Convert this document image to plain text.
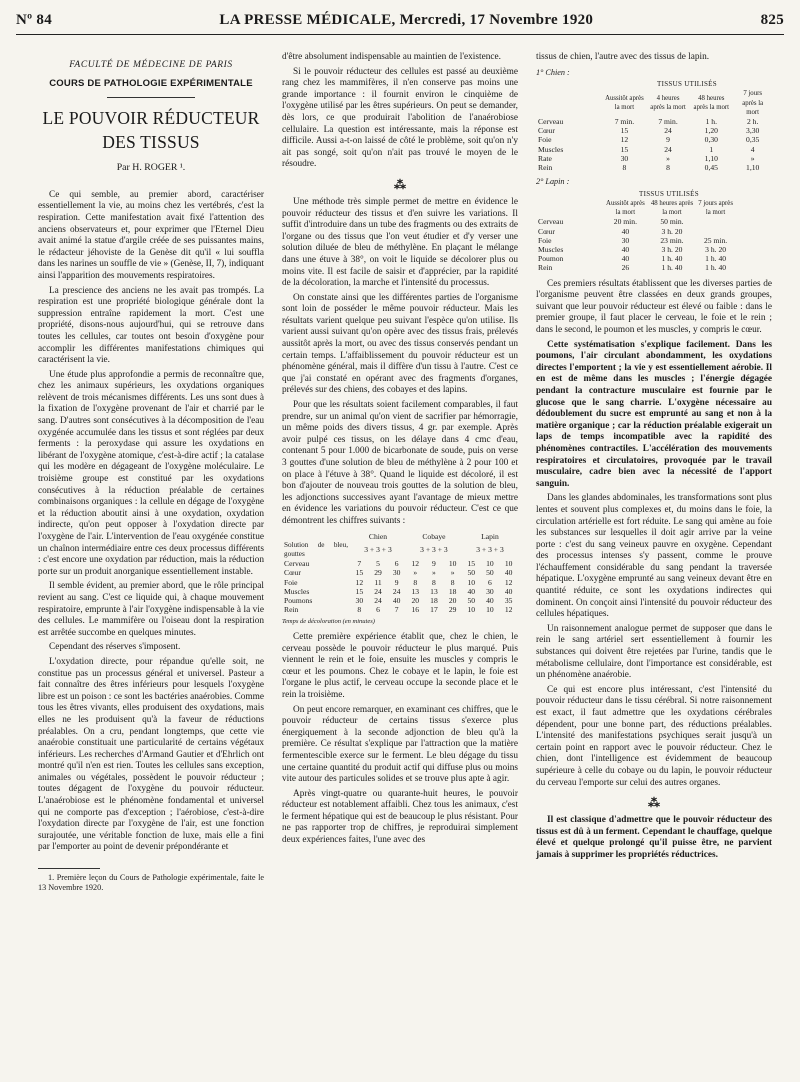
Nº 84	LA PRESSE MÉDICALE, Mercredi, 17 Novembre 1920	825
FACULTÉ DE MÉDECINE DE PARIS
COURS DE PATHOLOGIE EXPÉRIMENTALE
LE POUVOIR RÉDUCTEUR
DES TISSUS
Par H. ROGER ¹.

Ce qui semble, au premier abord, caractériser essentiellement la vie, au moins chez les vertébrés, c'est la respiration. Cette manifestation avait fixé l'attention des anciens observateurs et, pour exprimer que l'Eternel Dieu avait animé la statue d'argile créée de ses puissantes mains, le rédacteur jéhoviste de la Genèse dit qu'il « lui souffla dans les narines un souffle de vie » (Genèse, II, 7), indiquant ainsi l'apparition des mouvements respiratoires.

La prescience des anciens ne les avait pas trompés. La respiration est une propriété biologique générale dont la suppression entraîne rapidement la mort. C'est une propriété, disons-nous aujourd'hui, qui se retrouve dans toutes les cellules, car toutes ont besoin d'oxygène pour accomplir les différentes manifestations chimiques qui caractérisent la vie.

Une étude plus approfondie a permis de reconnaître que, chez les animaux supérieurs, les oxydations organiques relèvent de trois mécanismes différents. Les uns sont dues à la fixation de l'oxygène provenant de l'air et charrié par le sang. D'autres sont consécutives à la décomposition de l'eau oxygénée accumulée dans les tissus et sont réglées par deux ferments : la peroxydase qui assure les oxydations en libérant de l'oxygène atomique, c'est-à-dire actif ; la catalase qui les modère en dégageant de l'oxygène moléculaire. Le troisième groupe est constitué par les oxydations consécutives à la réduction préalable de certaines combinaisons organiques : la cellule en dégage de l'oxygène et la réduction aboutit ainsi à une oxydation, oxydation indirecte, qu'on peut opposer à l'oxydation directe par l'oxygène de l'air. L'intervention de l'eau oxygénée constitue un chaînon intermédiaire entre ces deux processus différents : c'est encore une oxydation par réduction, mais la réduction porte sur un produit anorganique essentiellement instable.

Il semble évident, au premier abord, que le rôle principal revient au sang. C'est ce liquide qui, à chaque mouvement respiratoire, emprunte à l'air l'oxygène indispensable à la vie des cellules. Le mammifère ou l'oiseau dont la respiration est arrêtée succombe en quelques minutes.

Cependant des réserves s'imposent.

L'oxydation directe, pour répandue qu'elle soit, ne constitue pas un processus général et universel. Pasteur a fait connaître des êtres inférieurs pour lesquels l'oxygène libre est un poison : ce sont les bactéries anaérobies. Comme tous les êtres vivants, elles produisent des oxydations, mais elles ne les produisent qu'à la faveur de réductions préalables. On a cru, pendant longtemps, que cette vie anaérobie constituait une particularité de certains végétaux inférieurs. Les recherches d'Armand Gautier et d'Ehrlich ont montré qu'il n'en est rien. Toutes les cellules sans exception, animales ou végétales, possèdent le pouvoir réducteur ; toutes dégagent de l'oxygène du pouvoir réducteur. L'anaérobiose est le phénomène fondamental et universel qui ne comporte pas d'exception ; l'aérobiose, c'est-à-dire l'oxydation directe par l'oxygène de l'air, est une fonction surajoutée, une véritable fonction de luxe, mais elle a fini par l'emporter au point de devenir prépondérante et

1. Première leçon du Cours de Pathologie expérimentale, faite le 13 Novembre 1920.

d'être absolument indispensable au maintien de l'existence.

Si le pouvoir réducteur des cellules est passé au deuxième rang chez les mammifères, il n'en conserve pas moins une grande importance : il fournit environ le cinquième de l'oxygène utilisé par les êtres supérieurs. On peut se demander, dès lors, ce que produirait l'abolition de l'anaérobiose cellulaire. La question est intéressante, mais la réponse est difficile. Aussi a-t-on laissé de côté le problème, soit qu'on n'y ait pas songé, soit qu'on n'ait pas trouvé le moyen de le résoudre.

⁂

Une méthode très simple permet de mettre en évidence le pouvoir réducteur des tissus et d'en suivre les variations. Il suffit d'introduire dans un tube des fragments ou des extraits de l'organe ou des tissus que l'on veut étudier et d'y verser une solution diluée de bleu de méthylène. En plaçant le mélange dans une étuve à 38°, on voit le liquide se décolorer plus ou moins vite. Il est facile de saisir et d'apprécier, par la rapidité de la décoloration, la marche et l'intensité du processus.

On constate ainsi que les différentes parties de l'organisme sont loin de posséder le même pouvoir réducteur. Mais les résultats varient quelque peu suivant l'espèce qu'on utilise. Ils varient aussi suivant qu'on opère avec des tissus frais, prélevés aussitôt après la mort, ou avec des tissus conservés pendant un certain temps. L'affaiblissement du pouvoir réducteur est un phénomène général, mais il diffère d'un tissu à l'autre. C'est ce que j'ai constaté en opérant avec des fragments d'organes, prélevés sur des chiens, des cobayes et des lapins.

Pour que les résultats soient facilement comparables, il faut prendre, sur un animal qu'on vient de sacrifier par hémorragie, un même poids des divers tissus, 4 gr. par exemple. Après avoir pulpé ces tissus, on les délaye dans 4 cmc d'eau, contenant 5 pour 1.000 de bicarbonate de soude, puis on verse 3 gouttes d'une solution de bleu de méthylène à 2 pour 100 et on place à l'étuve à 38°. Quand le liquide est décoloré, il est bon d'ajouter de nouveau trois gouttes de la solution de bleu, les adjonctions successives ayant l'avantage de mieux mettre en évidence les variations du pouvoir réducteur. C'est ce que démontrent les chiffres suivants :

	Chien			Cobaye			Lapin		
Solution de bleu, gouttes	3 + 3 + 3			3 + 3 + 3			3 + 3 + 3		
Cerveau	7	5	6	12	9	10	15	10	10
Cœur	15	29	30	»	»	»	50	50	40
Foie	12	11	9	8	8	8	10	6	12
Muscles	15	24	24	13	13	18	40	30	40
Poumons	30	24	40	20	18	20	50	40	35
Rein	8	6	7	16	17	29	10	10	12
Temps de décoloration (en minutes)

Cette première expérience établit que, chez le chien, le cerveau possède le pouvoir réducteur le plus marqué. Puis viennent le rein et le foie, ensuite les muscles y compris le cœur et les poumons. Chez le cobaye et le lapin, le foie est l'organe le plus actif, le cerveau occupe la seconde place et le rein la troisième.

On peut encore remarquer, en examinant ces chiffres, que le pouvoir réducteur de certains tissus s'exerce plus énergiquement à la seconde adjonction de bleu qu'à la première. Ce résultat s'explique par l'attraction que la matière fermentescible exerce sur le ferment. Le bleu dégage du tissu une certaine quantité du produit actif qui diffuse plus ou moins vite autour des particules solides et se trouve plus apte à agir.

Après vingt-quatre ou quarante-huit heures, le pouvoir réducteur est notablement affaibli. Chez tous les animaux, c'est le ferment hépatique qui est de beaucoup le plus résistant. Pour ne pas rapporter trop de chiffres, je reproduirai simplement deux expériences faites, l'une avec des

tissus de chien, l'autre avec des tissus de lapin.

1° Chien :
	TISSUS UTILISÉS			
	Aussitôt après la mort	4 heures après la mort	48 heures après la mort	7 jours après la mort
Cerveau	7 min.	7 min.	1 h.	2 h.
Cœur	15	24	1,20	3,30
Foie	12	9	0,30	0,35
Muscles	15	24	1	4
Rate	30	»	1,10	»
Rein	8	8	0,45	1,10
2° Lapin :
	TISSUS UTILISÉS		
	Aussitôt après la mort	48 heures après la mort	7 jours après la mort
Cerveau	20 min.	50 min.	
Cœur	40	3 h. 20	
Foie	30	23 min.	25 min.
Muscles	40	3 h. 20	3 h. 20
Poumon	40	1 h. 40	1 h. 40
Rein	26	1 h. 40	1 h. 40

Ces premiers résultats établissent que les diverses parties de l'organisme peuvent être classées en deux grands groupes, suivant que leur pouvoir réducteur est élevé ou faible : dans le premier groupe, il faut placer le cerveau, le foie et le rein ; dans le second, le poumon et les muscles, y compris le cœur.

Cette systématisation s'explique facilement. Dans les poumons, l'air circulant abondamment, les oxydations directes l'emportent ; la vie y est essentiellement aérobie. Il en est de même dans les muscles ; l'énergie dégagée pendant la contracture musculaire est fournie par le glucose que le sang charrie. L'oxygène nécessaire au dédoublement du sucre est emprunté au sang et non à la matière organique ; car la réduction préalable exigerait un laps de temps incompatible avec la rapidité des phénomènes contractiles. L'accélération des mouvements respiratoires et circulatoires, provoquée par le travail musculaire, cadre bien avec la nécessité de l'apport sanguin.

Dans les glandes abdominales, les transformations sont plus lentes et souvent plus complexes et, du moins dans le foie, la circulation artérielle est fort réduite. Le sang qui amène au foie les substances sur lesquelles il doit agir arrive par la veine porte : c'est du sang veineux pauvre en oxygène. Cependant des processus intenses s'y passent, comme le prouve l'échauffement considérable du sang pendant la traversée hépatique. L'oxygène emprunté au sang veineux devant être en quantité réduite, ce sont les oxydations indirectes qui dominent. On conçoit ainsi l'intensité du pouvoir réducteur des cellules hépatiques.

Un raisonnement analogue permet de supposer que dans le rein le sang artériel sert essentiellement à fournir les substances qui doivent être rejetées par l'urine, tandis que le métabolisme cellulaire, dont l'importance est considérable, est un phénomène anaérobie.

Ce qui est encore plus intéressant, c'est l'intensité du pouvoir réducteur dans le tissu cérébral. Si notre raisonnement est exact, il faut admettre que les oxydations cérébrales dépendent, pour une bonne part, des réductions préalables. L'intensité des manifestations psychiques serait jusqu'à un certain point en rapport avec le pouvoir réducteur. Chez le chien, dont l'intelligence est évidemment de beaucoup supérieure à celle du cobaye ou du lapin, le pouvoir réducteur du cerveau l'emporte sur celui des autres organes.

⁂

Il est classique d'admettre que le pouvoir réducteur des tissus est dû à un ferment. Cependant le chauffage, quelque élevé et quelque prolongé qu'il puisse être, ne parvient jamais à supprimer les propriétés réductrices.
